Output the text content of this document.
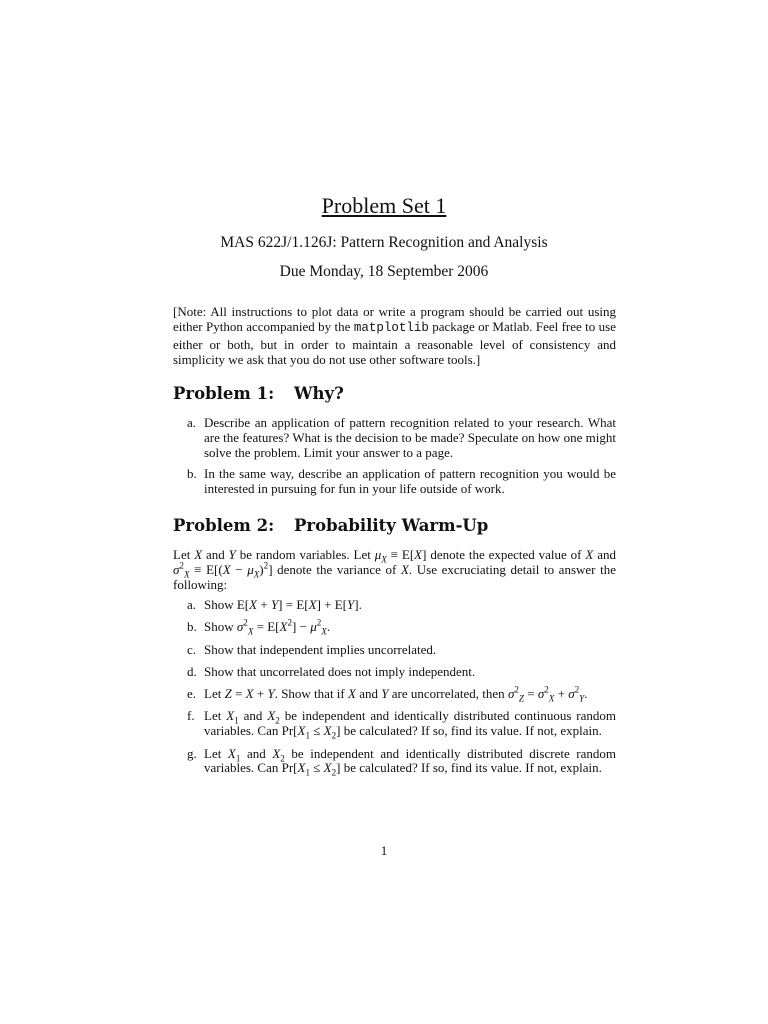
Problem Set 1
MAS 622J/1.126J: Pattern Recognition and Analysis
Due Monday, 18 September 2006
[Note: All instructions to plot data or write a program should be carried out using either Python accompanied by the matplotlib package or Matlab. Feel free to use either or both, but in order to maintain a reasonable level of consistency and simplicity we ask that you do not use other software tools.]
Problem 1: Why?
a. Describe an application of pattern recognition related to your research. What are the features? What is the decision to be made? Speculate on how one might solve the problem. Limit your answer to a page.
b. In the same way, describe an application of pattern recognition you would be interested in pursuing for fun in your life outside of work.
Problem 2: Probability Warm-Up
Let X and Y be random variables. Let $\mu_X \equiv E[X]$ denote the expected value of X and $\sigma^2_X \equiv E[(X - \mu_X)^2]$ denote the variance of X. Use excruciating detail to answer the following:
a. Show E[X + Y] = E[X] + E[Y].
b. Show $\sigma^2_X = E[X^2] - \mu^2_X$.
c. Show that independent implies uncorrelated.
d. Show that uncorrelated does not imply independent.
e. Let Z = X + Y. Show that if X and Y are uncorrelated, then $\sigma^2_Z = \sigma^2_X + \sigma^2_Y$.
f. Let $X_1$ and $X_2$ be independent and identically distributed continuous random variables. Can $Pr[X_1 \le X_2]$ be calculated? If so, find its value. If not, explain.
g. Let $X_1$ and $X_2$ be independent and identically distributed discrete random variables. Can $Pr[X_1 \le X_2]$ be calculated? If so, find its value. If not, explain.
1
